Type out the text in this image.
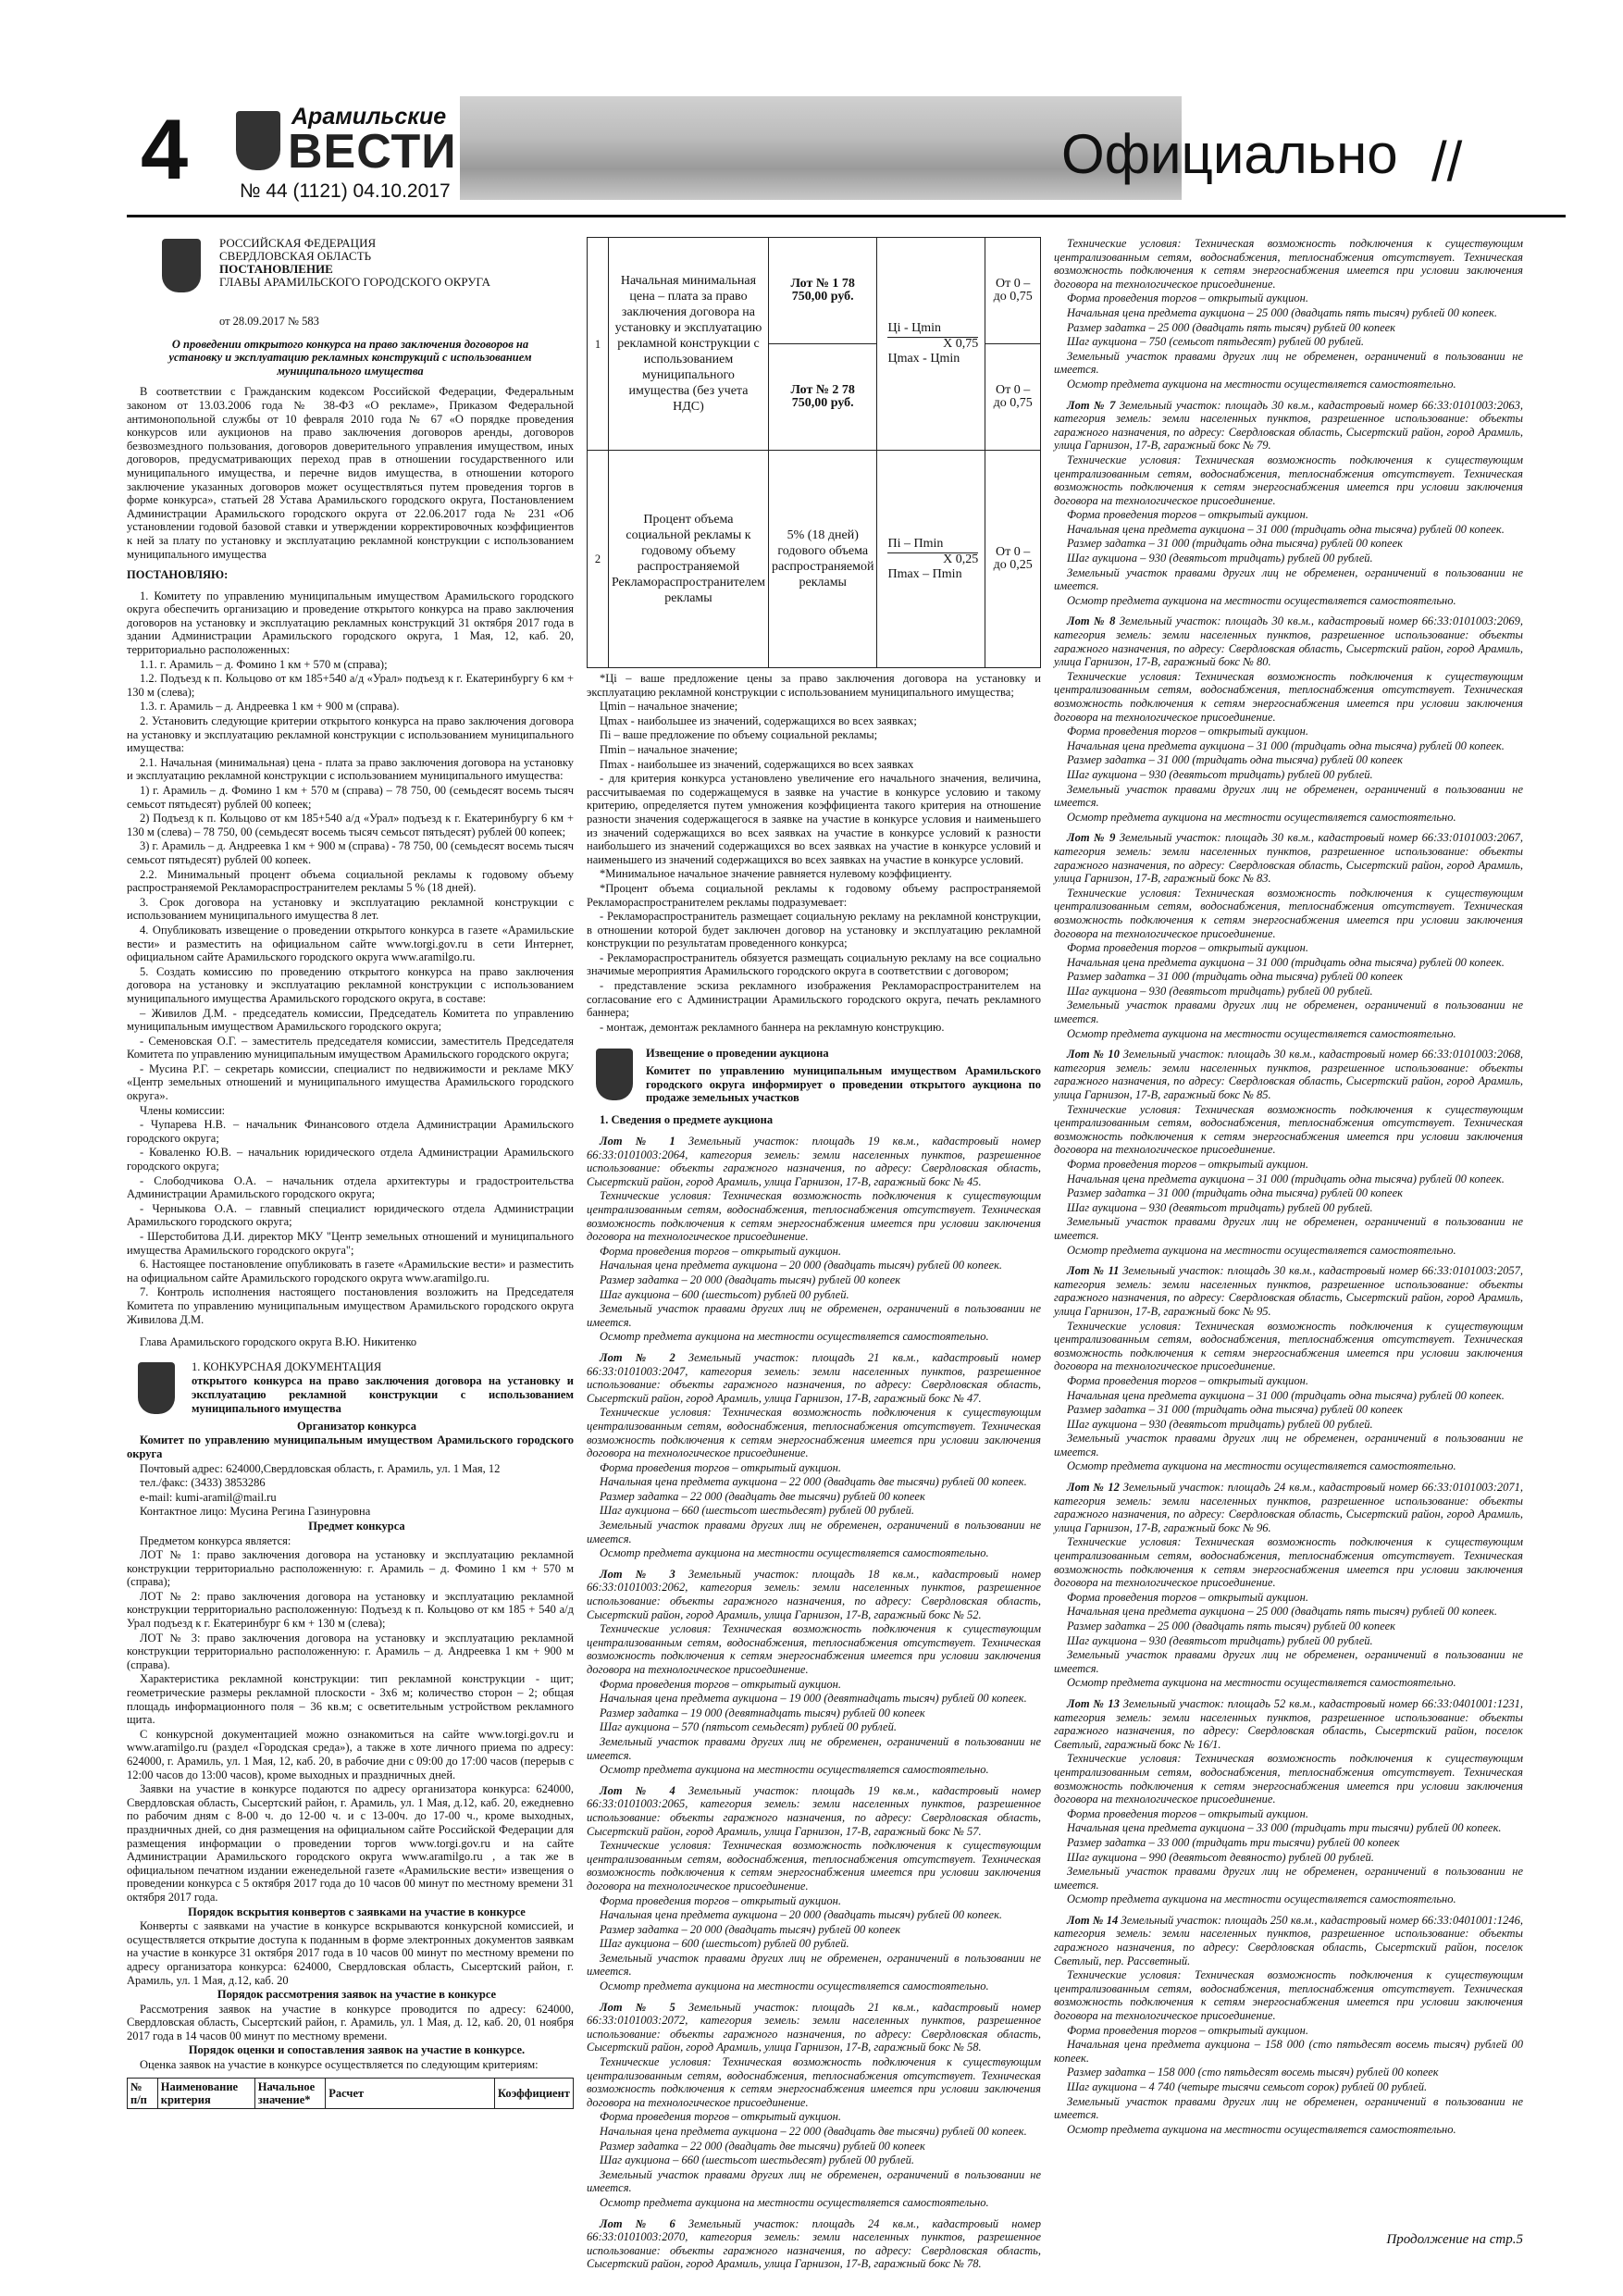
4	Арамильские
ВЕСТИ
№ 44 (1121) 04.10.2017
Официально //
РОССИЙСКАЯ ФЕДЕРАЦИЯ
СВЕРДЛОВСКАЯ ОБЛАСТЬ
ПОСТАНОВЛЕНИЕ
ГЛАВЫ АРАМИЛЬСКОГО ГОРОДСКОГО ОКРУГА

от 28.09.2017 № 583

О проведении открытого конкурса на право заключения договоров на установку и эксплуатацию рекламных конструкций с использованием муниципального имущества

В соответствии с Гражданским кодексом Российской Федерации, Федеральным законом от 13.03.2006 года № 38-ФЗ «О рекламе», Приказом Федеральной антимонопольной службы от 10 февраля 2010 года № 67 «О порядке проведения конкурсов или аукционов на право заключения договоров аренды, договоров безвозмездного пользования, договоров доверительного управления имуществом, иных договоров, предусматривающих переход прав в отношении государственного или муниципального имущества, и перечне видов имущества, в отношении которого заключение указанных договоров может осуществляться путем проведения торгов в форме конкурса», статьей 28 Устава Арамильского городского округа, Постановлением Администрации Арамильского городского округа от 22.06.2017 года № 231 «Об установлении годовой базовой ставки и утверждении корректировочных коэффициентов к ней за плату по установку и эксплуатацию рекламной конструкции с использованием муниципального имущества

ПОСТАНОВЛЯЮ:

1. Комитету по управлению муниципальным имуществом Арамильского городского округа обеспечить организацию и проведение открытого конкурса на право заключения договоров на установку и эксплуатацию рекламных конструкций 31 октября 2017 года в здании Администрации Арамильского городского округа, 1 Мая, 12, каб. 20, территориально расположенных:

1.1. г. Арамиль – д. Фомино 1 км + 570 м (справа);

1.2. Подъезд к п. Кольцово от км 185+540 а/д «Урал» подъезд к г. Екатеринбургу 6 км + 130 м (слева);

1.3. г. Арамиль – д. Андреевка 1 км + 900 м (справа).

2. Установить следующие критерии открытого конкурса на право заключения договора на установку и эксплуатацию рекламной конструкции с использованием муниципального имущества:

2.1. Начальная (минимальная) цена - плата за право заключения договора на установку и эксплуатацию рекламной конструкции с использованием муниципального имущества:

1) г. Арамиль – д. Фомино 1 км + 570 м (справа) – 78 750, 00 (семьдесят восемь тысяч семьсот пятьдесят) рублей 00 копеек;

2) Подъезд к п. Кольцово от км 185+540 а/д «Урал» подъезд к г. Екатеринбургу 6 км + 130 м (слева) – 78 750, 00 (семьдесят восемь тысяч семьсот пятьдесят) рублей 00 копеек;

3) г. Арамиль – д. Андреевка 1 км + 900 м (справа) - 78 750, 00 (семьдесят восемь тысяч семьсот пятьдесят) рублей 00 копеек.

2.2. Минимальный процент объема социальной рекламы к годовому объему распространяемой Рекламораспространителем рекламы 5 % (18 дней).

3. Срок договора на установку и эксплуатацию рекламной конструкции с использованием муниципального имущества 8 лет.

4. Опубликовать извещение о проведении открытого конкурса в газете «Арамильские вести» и разместить на официальном сайте www.torgi.gov.ru в сети Интернет, официальном сайте Арамильского городского округа www.aramilgo.ru.

5. Создать комиссию по проведению открытого конкурса на право заключения договора на установку и эксплуатацию рекламной конструкции с использованием муниципального имущества Арамильского городского округа, в составе:

– Живилов Д.М. - председатель комиссии, Председатель Комитета по управлению муниципальным имуществом Арамильского городского округа;

- Семеновская О.Г. – заместитель председателя комиссии, заместитель Председателя Комитета по управлению муниципальным имуществом Арамильского городского округа;

- Мусина Р.Г. – секретарь комиссии, специалист по недвижимости и рекламе МКУ «Центр земельных отношений и муниципального имущества Арамильского городского округа».

Члены комиссии:

- Чупарева Н.В. – начальник Финансового отдела Администрации Арамильского городского округа;

- Коваленко Ю.В. – начальник юридического отдела Администрации Арамильского городского округа;

- Слободчикова О.А. – начальник отдела архитектуры и градостроительства Администрации Арамильского городского округа;

- Черныкова О.А. – главный специалист юридического отдела Администрации Арамильского городского округа;

- Шерстобитова Д.И. директор МКУ "Центр земельных отношений и муниципального имущества Арамильского городского округа";

6. Настоящее постановление опубликовать в газете «Арамильские вести» и разместить на официальном сайте Арамильского городского округа www.aramilgo.ru.

7. Контроль исполнения настоящего постановления возложить на Председателя Комитета по управлению муниципальным имуществом Арамильского городского округа Живилова Д.М.

Глава Арамильского городского округа В.Ю. Никитенко

1. КОНКУРСНАЯ ДОКУМЕНТАЦИЯ

открытого конкурса на право заключения договора на установку и эксплуатацию рекламной конструкции с использованием муниципального имущества

Организатор конкурса

Комитет по управлению муниципальным имуществом Арамильского городского округа

Почтовый адрес: 624000,Свердловская область, г. Арамиль, ул. 1 Мая, 12

тел./факс: (3433) 3853286

e-mail: kumi-aramil@mail.ru

Контактное лицо: Мусина Регина Газинуровна

Предмет конкурса

Предметом конкурса является:

ЛОТ № 1: право заключения договора на установку и эксплуатацию рекламной конструкции территориально расположенную: г. Арамиль – д. Фомино 1 км + 570 м (справа);

ЛОТ № 2: право заключения договора на установку и эксплуатацию рекламной конструкции территориально расположенную: Подъезд к п. Кольцово от км 185 + 540 а/д Урал подъезд к г. Екатеринбург 6 км + 130 м (слева);

ЛОТ № 3: право заключения договора на установку и эксплуатацию рекламной конструкции территориально расположенную: г. Арамиль – д. Андреевка 1 км + 900 м (справа).

Характеристика рекламной конструкции: тип рекламной конструкции - щит; геометрические размеры рекламной плоскости - 3х6 м; количество сторон – 2; общая площадь информационного поля – 36 кв.м; с осветительным устройством рекламного щита.

С конкурсной документацией можно ознакомиться на сайте www.torgi.gov.ru и www.aramilgo.ru (раздел «Городская среда»), а также в хоте личного приема по адресу: 624000, г. Арамиль, ул. 1 Мая, 12, каб. 20, в рабочие дни с 09:00 до 17:00 часов (перерыв с 12:00 часов до 13:00 часов), кроме выходных и праздничных дней.

Заявки на участие в конкурсе подаются по адресу организатора конкурса: 624000, Свердловская область, Сысертский район, г. Арамиль, ул. 1 Мая, д.12, каб. 20, ежедневно по рабочим дням с 8-00 ч. до 12-00 ч. и с 13-00ч. до 17-00 ч., кроме выходных, праздничных дней, со дня размещения на официальном сайте Российской Федерации для размещения информации о проведении торгов www.torgi.gov.ru и на сайте Администрации Арамильского городского округа www.aramilgo.ru , а так же в официальном печатном издании еженедельной газете «Арамильские вести» извещения о проведении конкурса с 5 октября 2017 года до 10 часов 00 минут по местному времени 31 октября 2017 года.

Порядок вскрытия конвертов с заявками на участие в конкурсе

Конверты с заявками на участие в конкурсе вскрываются конкурсной комиссией, и осуществляется открытие доступа к поданным в форме электронных документов заявкам на участие в конкурсе 31 октября 2017 года в 10 часов 00 минут по местному времени по адресу организатора конкурса: 624000, Свердловская область, Сысертский район, г. Арамиль, ул. 1 Мая, д.12, каб. 20

Порядок рассмотрения заявок на участие в конкурсе

Рассмотрения заявок на участие в конкурсе проводится по адресу: 624000, Свердловская область, Сысертский район, г. Арамиль, ул. 1 Мая, д. 12, каб. 20, 01 ноября 2017 года в 14 часов 00 минут по местному времени.

Порядок оценки и сопоставления заявок на участие в конкурсе.

Оценка заявок на участие в конкурсе осуществляется по следующим критериям:

№ п/п	Наименование критерия	Начальное значение*	Расчет	Коэффициент
1	Начальная минимальная цена – плата за право заключения договора на установку и эксплуатацию рекламной конструкции с использованием муниципального имущества (без учета НДС)	Лот № 1 78 750,00 руб.	Ці - Цmin
X 0,75
Цmax - Цmin	От 0 – до 0,75
		Лот № 2 78 750,00 руб.		От 0 – до 0,75
2	Процент объема социальной рекламы к годовому объему распространяемой Рекламораспространителем рекламы	5% (18 дней) годового объема распространяемой рекламы	Пі – Пmin
X 0,25
Пmax – Пmin	От 0 – до 0,25

*Ці – ваше предложение цены за право заключения договора на установку и эксплуатацию рекламной конструкции с использованием муниципального имущества;

Цmin – начальное значение;

Цmax - наибольшее из значений, содержащихся во всех заявках;

Пі – ваше предложение по объему социальной рекламы;

Пmin – начальное значение;

Пmax - наибольшее из значений, содержащихся во всех заявках

- для критерия конкурса установлено увеличение его начального значения, величина, рассчитываемая по содержащемуся в заявке на участие в конкурсе условию и такому критерию, определяется путем умножения коэффициента такого критерия на отношение разности значения содержащегося в заявке на участие в конкурсе условия и наименьшего из значений содержащихся во всех заявках на участие в конкурсе условий к разности наибольшего из значений содержащихся во всех заявках на участие в конкурсе условий и наименьшего из значений содержащихся во всех заявках на участие в конкурсе условий.

*Минимальное начальное значение равняется нулевому коэффициенту.

*Процент объема социальной рекламы к годовому объему распространяемой Рекламораспространителем рекламы подразумевает:

- Рекламораспространитель размещает социальную рекламу на рекламной конструкции, в отношении которой будет заключен договор на установку и эксплуатацию рекламной конструкции по результатам проведенного конкурса;

- Рекламораспространитель обязуется размещать социальную рекламу на все социально значимые мероприятия Арамильского городского округа в соответствии с договором;

- представление эскиза рекламного изображения Рекламораспространителем на согласование его с Администрации Арамильского городского округа, печать рекламного баннера;

- монтаж, демонтаж рекламного баннера на рекламную конструкцию.

Извещение о проведении аукциона

Комитет по управлению муниципальным имуществом Арамильского городского округа информирует о проведении открытого аукциона по продаже земельных участков

1. Сведения о предмете аукциона

Лот № 1 Земельный участок: площадь 19 кв.м., кадастровый номер 66:33:0101003:2064, категория земель: земли населенных пунктов, разрешенное использование: объекты гаражного назначения, по адресу: Свердловская область, Сысертский район, город Арамиль, улица Гарнизон, 17-В, гаражный бокс № 45.

Технические условия: Техническая возможность подключения к существующим централизованным сетям, водоснабжения, теплоснабжения отсутствует. Техническая возможность подключения к сетям энергоснабжения имеется при условии заключения договора на технологическое присоединение.

Форма проведения торгов – открытый аукцион.

Начальная цена предмета аукциона – 20 000 (двадцать тысяч) рублей 00 копеек.

Размер задатка – 20 000 (двадцать тысяч) рублей 00 копеек

Шаг аукциона – 600 (шестьсот) рублей 00 рублей.

Земельный участок правами других лиц не обременен, ограничений в пользовании не имеется.

Осмотр предмета аукциона на местности осуществляется самостоятельно.

Лот № 2 Земельный участок: площадь 21 кв.м., кадастровый номер 66:33:0101003:2047, категория земель: земли населенных пунктов, разрешенное использование: объекты гаражного назначения, по адресу: Свердловская область, Сысертский район, город Арамиль, улица Гарнизон, 17-В, гаражный бокс № 47.

Технические условия: Техническая возможность подключения к существующим централизованным сетям, водоснабжения, теплоснабжения отсутствует. Техническая возможность подключения к сетям энергоснабжения имеется при условии заключения договора на технологическое присоединение.

Форма проведения торгов – открытый аукцион.

Начальная цена предмета аукциона – 22 000 (двадцать две тысячи) рублей 00 копеек.

Размер задатка – 22 000 (двадцать две тысячи) рублей 00 копеек

Шаг аукциона – 660 (шестьсот шестьдесят) рублей 00 рублей.

Земельный участок правами других лиц не обременен, ограничений в пользовании не имеется.

Осмотр предмета аукциона на местности осуществляется самостоятельно.

Лот № 3 Земельный участок: площадь 18 кв.м., кадастровый номер 66:33:0101003:2062, категория земель: земли населенных пунктов, разрешенное использование: объекты гаражного назначения, по адресу: Свердловская область, Сысертский район, город Арамиль, улица Гарнизон, 17-В, гаражный бокс № 52.

Технические условия: Техническая возможность подключения к существующим централизованным сетям, водоснабжения, теплоснабжения отсутствует. Техническая возможность подключения к сетям энергоснабжения имеется при условии заключения договора на технологическое присоединение.

Форма проведения торгов – открытый аукцион.

Начальная цена предмета аукциона – 19 000 (девятнадцать тысяч) рублей 00 копеек.

Размер задатка – 19 000 (девятнадцать тысяч) рублей 00 копеек

Шаг аукциона – 570 (пятьсот семьдесят) рублей 00 рублей.

Земельный участок правами других лиц не обременен, ограничений в пользовании не имеется.

Осмотр предмета аукциона на местности осуществляется самостоятельно.

Лот № 4 Земельный участок: площадь 19 кв.м., кадастровый номер 66:33:0101003:2065, категория земель: земли населенных пунктов, разрешенное использование: объекты гаражного назначения, по адресу: Свердловская область, Сысертский район, город Арамиль, улица Гарнизон, 17-В, гаражный бокс № 57.

Технические условия: Техническая возможность подключения к существующим централизованным сетям, водоснабжения, теплоснабжения отсутствует. Техническая возможность подключения к сетям энергоснабжения имеется при условии заключения договора на технологическое присоединение.

Форма проведения торгов – открытый аукцион.

Начальная цена предмета аукциона – 20 000 (двадцать тысяч) рублей 00 копеек.

Размер задатка – 20 000 (двадцать тысяч) рублей 00 копеек

Шаг аукциона – 600 (шестьсот) рублей 00 рублей.

Земельный участок правами других лиц не обременен, ограничений в пользовании не имеется.

Осмотр предмета аукциона на местности осуществляется самостоятельно.

Лот № 5 Земельный участок: площадь 21 кв.м., кадастровый номер 66:33:0101003:2072, категория земель: земли населенных пунктов, разрешенное использование: объекты гаражного назначения, по адресу: Свердловская область, Сысертский район, город Арамиль, улица Гарнизон, 17-В, гаражный бокс № 58.

Технические условия: Техническая возможность подключения к существующим централизованным сетям, водоснабжения, теплоснабжения отсутствует. Техническая возможность подключения к сетям энергоснабжения имеется при условии заключения договора на технологическое присоединение.

Форма проведения торгов – открытый аукцион.

Начальная цена предмета аукциона – 22 000 (двадцать две тысячи) рублей 00 копеек.

Размер задатка – 22 000 (двадцать две тысячи) рублей 00 копеек

Шаг аукциона – 660 (шестьсот шестьдесят) рублей 00 рублей.

Земельный участок правами других лиц не обременен, ограничений в пользовании не имеется.

Осмотр предмета аукциона на местности осуществляется самостоятельно.

Лот № 6 Земельный участок: площадь 24 кв.м., кадастровый номер 66:33:0101003:2070, категория земель: земли населенных пунктов, разрешенное использование: объекты гаражного назначения, по адресу: Свердловская область, Сысертский район, город Арамиль, улица Гарнизон, 17-В, гаражный бокс № 78.

Технические условия: Техническая возможность подключения к существующим централизованным сетям, водоснабжения, теплоснабжения отсутствует. Техническая возможность подключения к сетям энергоснабжения имеется при условии заключения договора на технологическое присоединение.

Форма проведения торгов – открытый аукцион.

Начальная цена предмета аукциона – 25 000 (двадцать пять тысяч) рублей 00 копеек.

Размер задатка – 25 000 (двадцать пять тысяч) рублей 00 копеек

Шаг аукциона – 750 (семьсот пятьдесят) рублей 00 рублей.

Земельный участок правами других лиц не обременен, ограничений в пользовании не имеется.

Осмотр предмета аукциона на местности осуществляется самостоятельно.

Лот № 7 Земельный участок: площадь 30 кв.м., кадастровый номер 66:33:0101003:2063, категория земель: земли населенных пунктов, разрешенное использование: объекты гаражного назначения, по адресу: Свердловская область, Сысертский район, город Арамиль, улица Гарнизон, 17-В, гаражный бокс № 79.

Технические условия: Техническая возможность подключения к существующим централизованным сетям, водоснабжения, теплоснабжения отсутствует. Техническая возможность подключения к сетям энергоснабжения имеется при условии заключения договора на технологическое присоединение.

Форма проведения торгов – открытый аукцион.

Начальная цена предмета аукциона – 31 000 (тридцать одна тысяча) рублей 00 копеек.

Размер задатка – 31 000 (тридцать одна тысяча) рублей 00 копеек

Шаг аукциона – 930 (девятьсот тридцать) рублей 00 рублей.

Земельный участок правами других лиц не обременен, ограничений в пользовании не имеется.

Осмотр предмета аукциона на местности осуществляется самостоятельно.

Лот № 8 Земельный участок: площадь 30 кв.м., кадастровый номер 66:33:0101003:2069, категория земель: земли населенных пунктов, разрешенное использование: объекты гаражного назначения, по адресу: Свердловская область, Сысертский район, город Арамиль, улица Гарнизон, 17-В, гаражный бокс № 80.

Технические условия: Техническая возможность подключения к существующим централизованным сетям, водоснабжения, теплоснабжения отсутствует. Техническая возможность подключения к сетям энергоснабжения имеется при условии заключения договора на технологическое присоединение.

Форма проведения торгов – открытый аукцион.

Начальная цена предмета аукциона – 31 000 (тридцать одна тысяча) рублей 00 копеек.

Размер задатка – 31 000 (тридцать одна тысяча) рублей 00 копеек

Шаг аукциона – 930 (девятьсот тридцать) рублей 00 рублей.

Земельный участок правами других лиц не обременен, ограничений в пользовании не имеется.

Осмотр предмета аукциона на местности осуществляется самостоятельно.

Лот № 9 Земельный участок: площадь 30 кв.м., кадастровый номер 66:33:0101003:2067, категория земель: земли населенных пунктов, разрешенное использование: объекты гаражного назначения, по адресу: Свердловская область, Сысертский район, город Арамиль, улица Гарнизон, 17-В, гаражный бокс № 83.

Технические условия: Техническая возможность подключения к существующим централизованным сетям, водоснабжения, теплоснабжения отсутствует. Техническая возможность подключения к сетям энергоснабжения имеется при условии заключения договора на технологическое присоединение.

Форма проведения торгов – открытый аукцион.

Начальная цена предмета аукциона – 31 000 (тридцать одна тысяча) рублей 00 копеек.

Размер задатка – 31 000 (тридцать одна тысяча) рублей 00 копеек

Шаг аукциона – 930 (девятьсот тридцать) рублей 00 рублей.

Земельный участок правами других лиц не обременен, ограничений в пользовании не имеется.

Осмотр предмета аукциона на местности осуществляется самостоятельно.

Лот № 10 Земельный участок: площадь 30 кв.м., кадастровый номер 66:33:0101003:2068, категория земель: земли населенных пунктов, разрешенное использование: объекты гаражного назначения, по адресу: Свердловская область, Сысертский район, город Арамиль, улица Гарнизон, 17-В, гаражный бокс № 85.

Технические условия: Техническая возможность подключения к существующим централизованным сетям, водоснабжения, теплоснабжения отсутствует. Техническая возможность подключения к сетям энергоснабжения имеется при условии заключения договора на технологическое присоединение.

Форма проведения торгов – открытый аукцион.

Начальная цена предмета аукциона – 31 000 (тридцать одна тысяча) рублей 00 копеек.

Размер задатка – 31 000 (тридцать одна тысяча) рублей 00 копеек

Шаг аукциона – 930 (девятьсот тридцать) рублей 00 рублей.

Земельный участок правами других лиц не обременен, ограничений в пользовании не имеется.

Осмотр предмета аукциона на местности осуществляется самостоятельно.

Лот № 11 Земельный участок: площадь 30 кв.м., кадастровый номер 66:33:0101003:2057, категория земель: земли населенных пунктов, разрешенное использование: объекты гаражного назначения, по адресу: Свердловская область, Сысертский район, город Арамиль, улица Гарнизон, 17-В, гаражный бокс № 95.

Технические условия: Техническая возможность подключения к существующим централизованным сетям, водоснабжения, теплоснабжения отсутствует. Техническая возможность подключения к сетям энергоснабжения имеется при условии заключения договора на технологическое присоединение.

Форма проведения торгов – открытый аукцион.

Начальная цена предмета аукциона – 31 000 (тридцать одна тысяча) рублей 00 копеек.

Размер задатка – 31 000 (тридцать одна тысяча) рублей 00 копеек

Шаг аукциона – 930 (девятьсот тридцать) рублей 00 рублей.

Земельный участок правами других лиц не обременен, ограничений в пользовании не имеется.

Осмотр предмета аукциона на местности осуществляется самостоятельно.

Лот № 12 Земельный участок: площадь 24 кв.м., кадастровый номер 66:33:0101003:2071, категория земель: земли населенных пунктов, разрешенное использование: объекты гаражного назначения, по адресу: Свердловская область, Сысертский район, город Арамиль, улица Гарнизон, 17-В, гаражный бокс № 96.

Технические условия: Техническая возможность подключения к существующим централизованным сетям, водоснабжения, теплоснабжения отсутствует. Техническая возможность подключения к сетям энергоснабжения имеется при условии заключения договора на технологическое присоединение.

Форма проведения торгов – открытый аукцион.

Начальная цена предмета аукциона – 25 000 (двадцать пять тысяч) рублей 00 копеек.

Размер задатка – 25 000 (двадцать пять тысяч) рублей 00 копеек

Шаг аукциона – 930 (девятьсот тридцать) рублей 00 рублей.

Земельный участок правами других лиц не обременен, ограничений в пользовании не имеется.

Осмотр предмета аукциона на местности осуществляется самостоятельно.

Лот № 13 Земельный участок: площадь 52 кв.м., кадастровый номер 66:33:0401001:1231, категория земель: земли населенных пунктов, разрешенное использование: объекты гаражного назначения, по адресу: Свердловская область, Сысертский район, поселок Светлый, гаражный бокс № 16/1.

Технические условия: Техническая возможность подключения к существующим централизованным сетям, водоснабжения, теплоснабжения отсутствует. Техническая возможность подключения к сетям энергоснабжения имеется при условии заключения договора на технологическое присоединение.

Форма проведения торгов – открытый аукцион.

Начальная цена предмета аукциона – 33 000 (тридцать три тысячи) рублей 00 копеек.

Размер задатка – 33 000 (тридцать три тысячи) рублей 00 копеек

Шаг аукциона – 990 (девятьсот девяносто) рублей 00 рублей.

Земельный участок правами других лиц не обременен, ограничений в пользовании не имеется.

Осмотр предмета аукциона на местности осуществляется самостоятельно.

Лот № 14 Земельный участок: площадь 250 кв.м., кадастровый номер 66:33:0401001:1246, категория земель: земли населенных пунктов, разрешенное использование: объекты гаражного назначения, по адресу: Свердловская область, Сысертский район, поселок Светлый, пер. Рассветный.

Технические условия: Техническая возможность подключения к существующим централизованным сетям, водоснабжения, теплоснабжения отсутствует. Техническая возможность подключения к сетям энергоснабжения имеется при условии заключения договора на технологическое присоединение.

Форма проведения торгов – открытый аукцион.

Начальная цена предмета аукциона – 158 000 (сто пятьдесят восемь тысяч) рублей 00 копеек.

Размер задатка – 158 000 (сто пятьдесят восемь тысяч) рублей 00 копеек

Шаг аукциона – 4 740 (четыре тысячи семьсот сорок) рублей 00 рублей.

Земельный участок правами других лиц не обременен, ограничений в пользовании не имеется.

Осмотр предмета аукциона на местности осуществляется самостоятельно.

Продолжение на стр.5
